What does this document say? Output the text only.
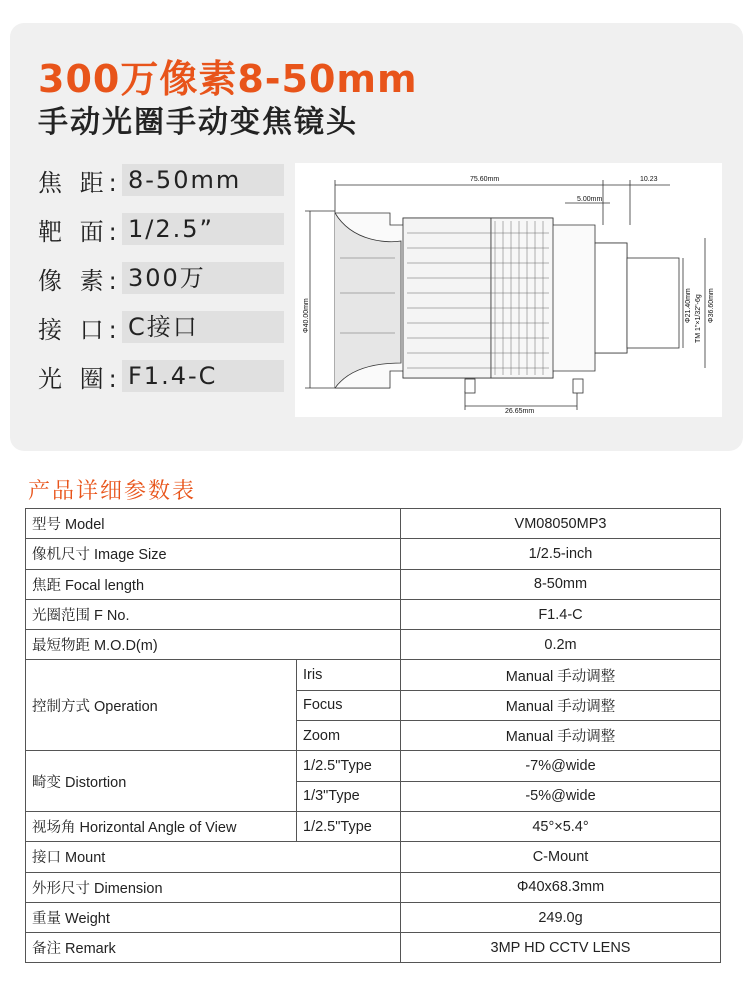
300万像素8-50mm
手动光圈手动变焦镜头
焦 距: 8-50mm
靶 面: 1/2.5”
像 素: 300万
接 口: C接口
光 圈: F1.4-C
75.60mm	10.23
5.00mm
Φ40.00mm	Φ21.40mm TM 1"×1/32"-6g Φ36.60mm
26.65mm
产品详细参数表
型号 Model		VM08050MP3
像机尺寸 Image Size		1/2.5-inch
焦距 Focal length		8-50mm
光圈范围 F No.		F1.4-C
最短物距 M.O.D(m)		0.2m
控制方式 Operation	Iris	Manual 手动调整
	Focus	Manual 手动调整
	Zoom	Manual 手动调整
畸变 Distortion	1/2.5"Type	-7%@wide
	1/3"Type	-5%@wide
视场角 Horizontal Angle of View	1/2.5"Type	45°×5.4°
接口 Mount		C-Mount
外形尺寸 Dimension		Φ40x68.3mm
重量 Weight		249.0g
备注 Remark		3MP HD CCTV LENS
